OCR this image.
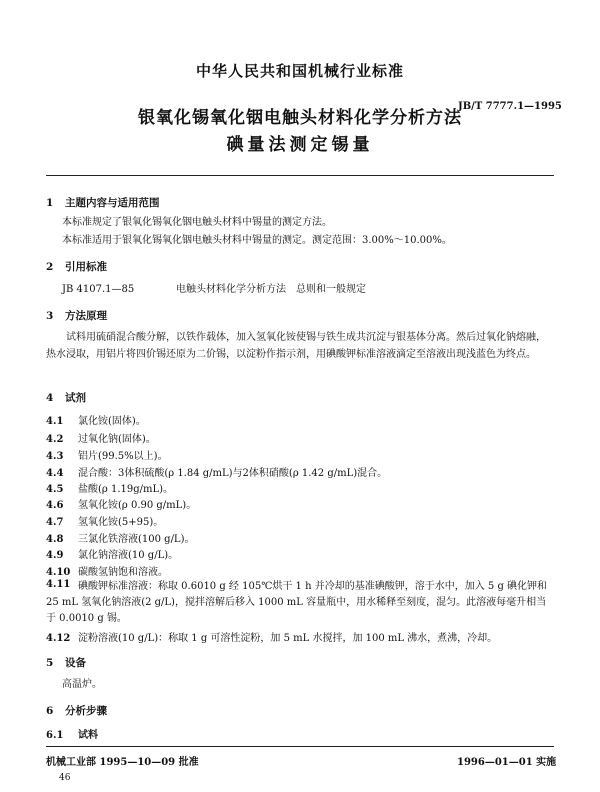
中华人民共和国机械行业标准
银氧化锡氧化铟电触头材料化学分析方法
碘量法测定锡量
JB/T 7777.1—1995
1 主题内容与适用范围
本标准规定了银氧化锡氧化铟电触头材料中锡量的测定方法。
本标准适用于银氧化锡氧化铟电触头材料中锡量的测定。测定范围：3.00%～10.00%。
2 引用标准
JB 4107.1—85	电触头材料化学分析方法　总则和一般规定
3 方法原理
试料用硫硝混合酸分解，以铁作载体，加入氢氧化铵使锡与铁生成共沉淀与银基体分离。然后过氧化钠熔融，热水浸取，用铝片将四价锡还原为二价锡，以淀粉作指示剂，用碘酸钾标准溶液滴定至溶液出现浅蓝色为终点。
4 试剂
4.1 氯化铵(固体)。
4.2 过氧化钠(固体)。
4.3 铝片(99.5%以上)。
4.4 混合酸：3体积硫酸(ρ 1.84 g/mL)与2体积硝酸(ρ 1.42 g/mL)混合。
4.5 盐酸(ρ 1.19g/mL)。
4.6 氢氧化铵(ρ 0.90 g/mL)。
4.7 氢氧化铵(5+95)。
4.8 三氯化铁溶液(100 g/L)。
4.9 氯化钠溶液(10 g/L)。
4.10 碳酸氢钠饱和溶液。
4.11 碘酸钾标准溶液：称取 0.6010 g 经 105℃烘干 1 h 并冷却的基准碘酸钾，溶于水中，加入 5 g 碘化钾和 25 mL 氢氧化钠溶液(2 g/L)，搅拌溶解后移入 1000 mL 容量瓶中，用水稀释至刻度，混匀。此溶液每毫升相当于 0.0010 g 锡。
4.12 淀粉溶液(10 g/L)：称取 1 g 可溶性淀粉，加 5 mL 水搅拌，加 100 mL 沸水，煮沸，冷却。
5 设备
高温炉。
6 分析步骤
6.1 试料
机械工业部 1995—10—09 批准	1996—01—01 实施
46
